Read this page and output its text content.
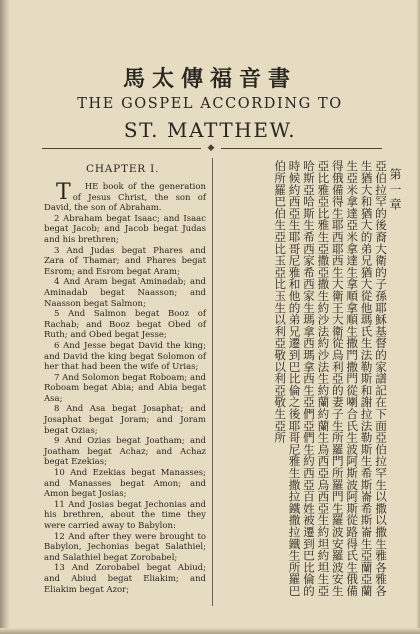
馬太傳福音書
THE GOSPEL ACCORDING TO
ST. MATTHEW.
◆
CHAPTER I.

T HE book of the generation of Jesus Christ, the son of David, the son of Abraham.

2 Abraham begat Isaac; and Isaac begat Jacob; and Jacob begat Judas and his brethren;

3 And Judas begat Phares and Zara of Thamar; and Phares begat Esrom; and Esrom begat Aram;

4 And Aram begat Aminadab; and Aminadab begat Naasson; and Naasson begat Salmon;

5 And Salmon begat Booz of Rachab; and Booz begat Obed of Ruth; and Obed begat Jesse;

6 And Jesse begat David the king; and David the king begat Solomon of her that had been the wife of Urias;

7 And Solomon begat Roboam; and Roboam begat Abia; and Abia begat Asa;

8 And Asa begat Josaphat; and Josaphat begat Joram; and Joram begat Ozias;

9 And Ozias begat Joatham; and Joatham begat Achaz; and Achaz begat Ezekias;

10 And Ezekias begat Manasses; and Manasses begat Amon; and Amon begat Josias;

11 And Josias begat Jechonias and his brethren, about the time they were carried away to Babylon:

12 And after they were brought to Babylon, Jechonias begat Salathiel; and Salathiel begat Zorobabel;

13 And Zorobabel begat Abiud; and Abiud begat Eliakim; and Eliakim begat Azor;	亞伯拉罕的後裔大衛的子孫耶穌基督的家譜記在下面亞伯拉罕生以撒以撒生雅各雅各生猶大和猶大的弟兄猶大從他瑪氏生法勒斯和謝拉法勒斯生希斯崙希斯崙生亞蘭亞蘭生亞米拿達亞米拿達生拿順拿順生撒門撒門從喇合氏生波阿斯波阿斯從路得氏生俄備得俄備得生耶西耶西生大衛王大衛從烏利亞的妻子生所羅門所羅門生羅波安羅波安生亞比雅亞比雅生亞撒亞撒生約沙法約沙法生約蘭約蘭生烏西亞烏西亞生約坦約坦生亞哈斯亞哈斯生希西家希西家生瑪拿西瑪拿西生亞們亞們生約西亞百姓被遷到巴比倫的時候約西亞生耶哥尼雅和他的弟兄遷到巴比倫之後耶哥尼雅生撒拉鐵撒拉鐵生所羅巴伯所羅巴伯生亞比玉亞比玉生以利亞敬以利亞敬生亞所	第一章
